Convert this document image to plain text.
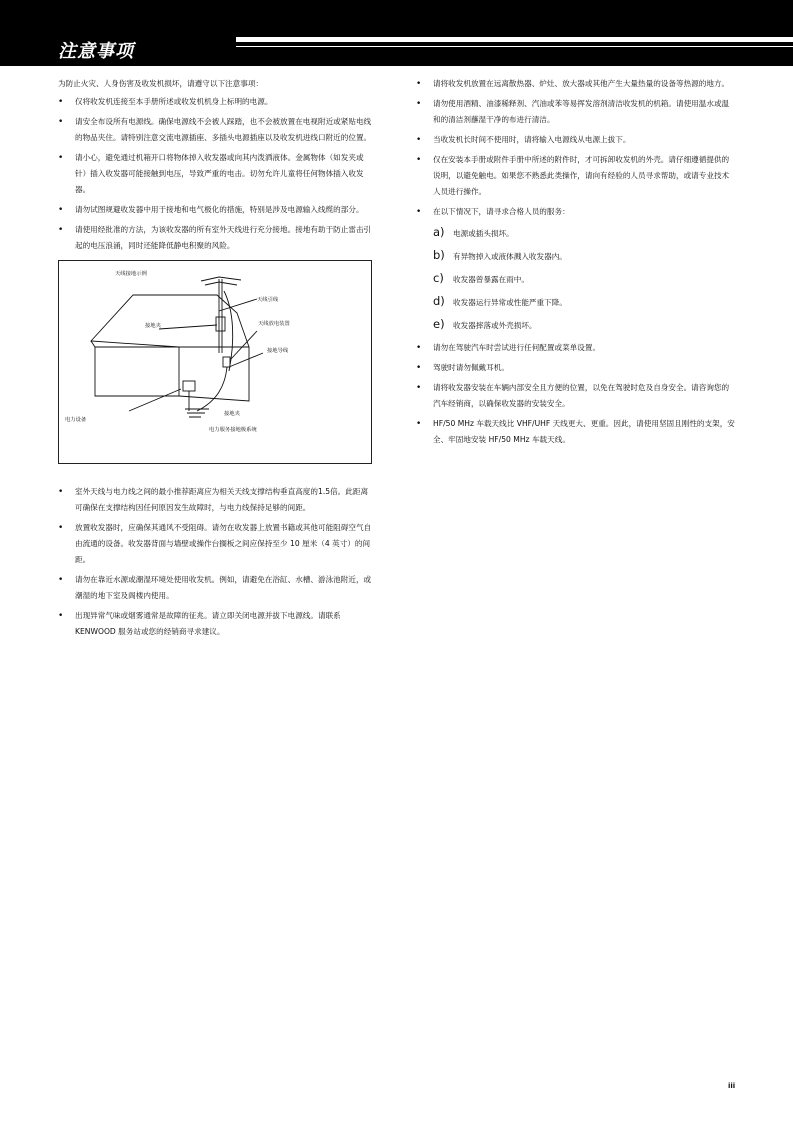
注意事项

为防止火灾、人身伤害及收发机损坏，请遵守以下注意事项：

• 仅将收发机连接至本手册所述或收发机机身上标明的电源。
• 请安全布设所有电源线。确保电源线不会被人踩踏，也不会被放置在电视附近或紧贴电线的物品夹住。请特别注意交流电源插座、多插头电源插座以及收发机进线口附近的位置。
• 请小心，避免通过机箱开口将物体掉入收发器或向其内泼洒液体。金属物体（如发夹或针）插入收发器可能接触到电压，导致严重的电击。切勿允许儿童将任何物体插入收发器。
• 请勿试图规避收发器中用于接地和电气极化的措施，特别是涉及电源输入线缆的部分。
• 请使用经批准的方法，为该收发器的所有室外天线进行充分接地。接地有助于防止雷击引起的电压浪涌，同时还能降低静电积聚的风险。
天线接地示例
天线引线
接地夹	天线放电装置
接地导线
接地夹
电力设备
电力服务接地极系统
• 室外天线与电力线之间的最小推荐距离应为相关天线支撑结构垂直高度的1.5倍。此距离可确保在支撑结构因任何原因发生故障时，与电力线保持足够的间距。
• 放置收发器时，应确保其通风不受阻碍。请勿在收发器上放置书籍或其他可能阻碍空气自由流通的设备。收发器背面与墙壁或操作台搁板之间应保持至少 10 厘米（4 英寸）的间距。
• 请勿在靠近水源或潮湿环境处使用收发机。例如，请避免在浴缸、水槽、游泳池附近，或潮湿的地下室及阁楼内使用。
• 出现异常气味或烟雾通常是故障的征兆。请立即关闭电源并拔下电源线。请联系 KENWOOD 服务站或您的经销商寻求建议。
• 请将收发机放置在远离散热器、炉灶、放大器或其他产生大量热量的设备等热源的地方。
• 请勿使用酒精、油漆稀释剂、汽油或苯等易挥发溶剂清洁收发机的机箱。请使用温水或温和的清洁剂蘸湿干净的布进行清洁。
• 当收发机长时间不使用时，请将输入电源线从电源上拔下。
• 仅在安装本手册或附件手册中所述的附件时，才可拆卸收发机的外壳。请仔细遵循提供的说明，以避免触电。如果您不熟悉此类操作，请向有经验的人员寻求帮助，或请专业技术人员进行操作。
• 在以下情况下，请寻求合格人员的服务：
a)	电源或插头损坏。
b)	有异物掉入或液体溅入收发器内。
c)	收发器曾暴露在雨中。
d)	收发器运行异常或性能严重下降。
e)	收发器摔落或外壳损坏。
• 请勿在驾驶汽车时尝试进行任何配置或菜单设置。
• 驾驶时请勿佩戴耳机。
• 请将收发器安装在车辆内部安全且方便的位置，以免在驾驶时危及自身安全。请咨询您的汽车经销商，以确保收发器的安装安全。
• HF/50 MHz 车载天线比 VHF/UHF 天线更大、更重。因此，请使用坚固且刚性的支架，安全、牢固地安装 HF/50 MHz 车载天线。
iii
